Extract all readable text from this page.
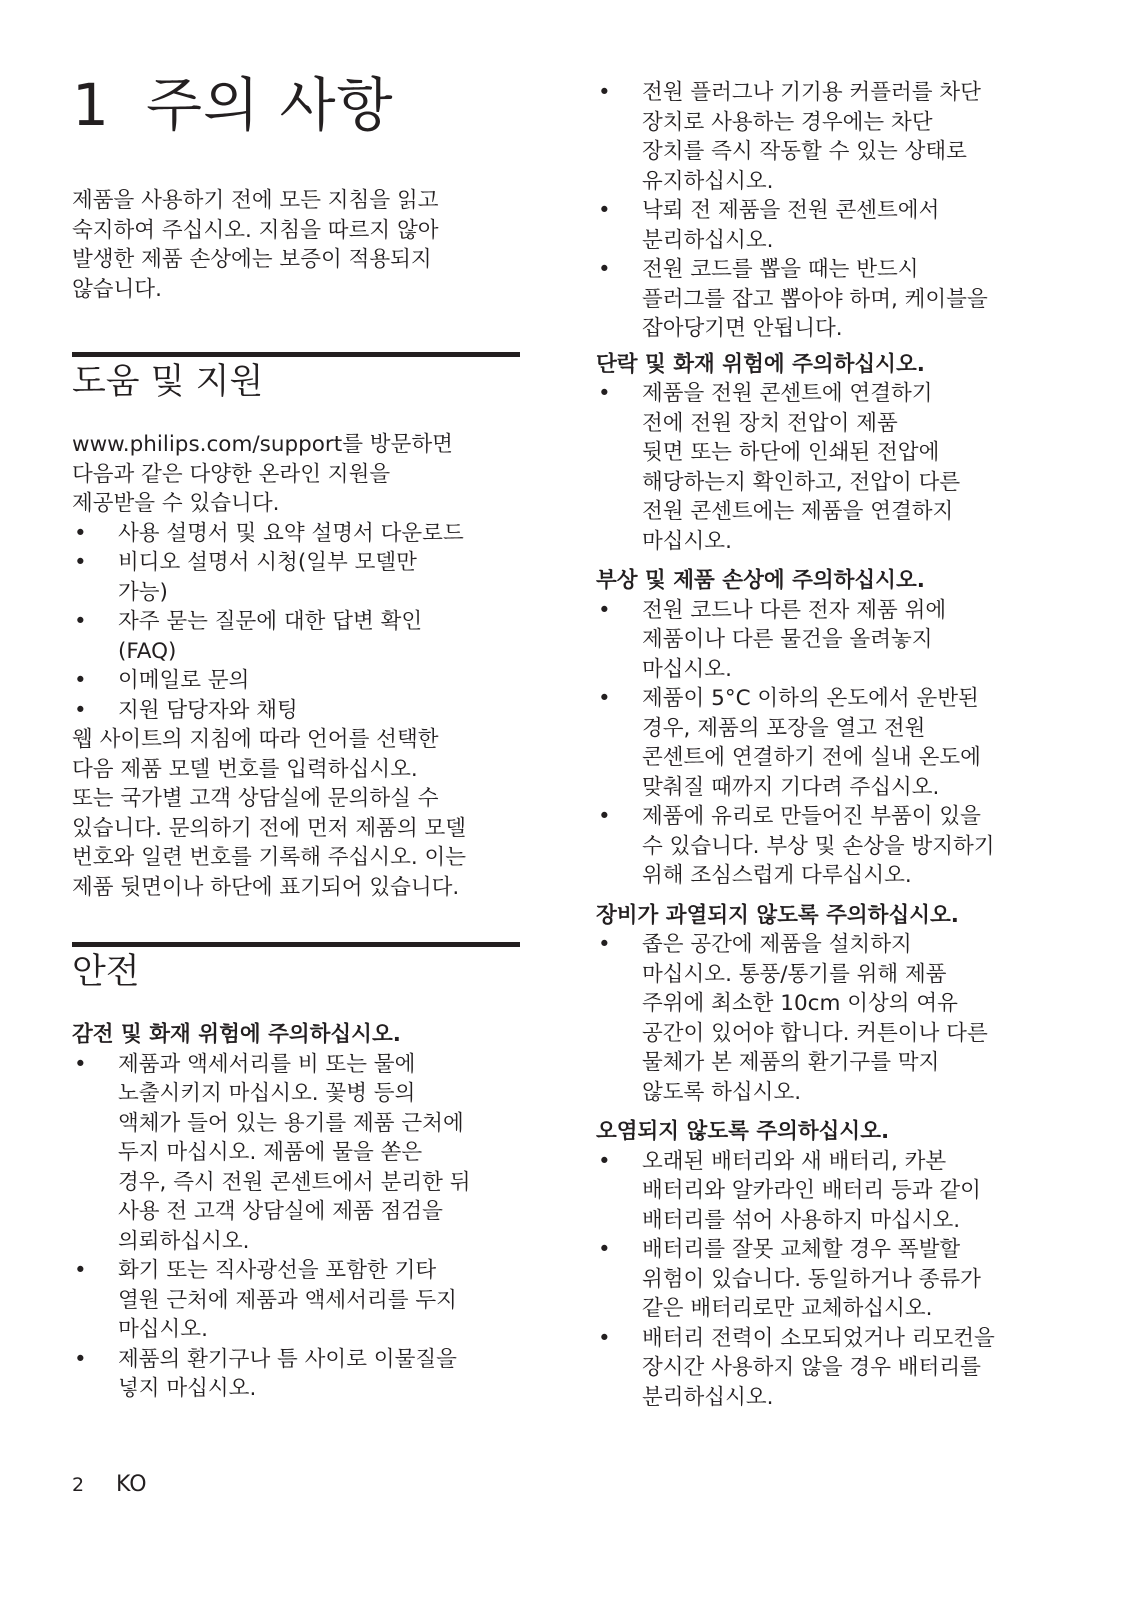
1 주의 사항

제품을 사용하기 전에 모든 지침을 읽고
숙지하여 주십시오. 지침을 따르지 않아
발생한 제품 손상에는 보증이 적용되지
않습니다.

도움 및 지원

www.philips.com/support를 방문하면
다음과 같은 다양한 온라인 지원을
제공받을 수 있습니다.

•	사용 설명서 및 요약 설명서 다운로드
•	비디오 설명서 시청(일부 모델만
가능)
•	자주 묻는 질문에 대한 답변 확인
(FAQ)
•	이메일로 문의
•	지원 담당자와 채팅

웹 사이트의 지침에 따라 언어를 선택한
다음 제품 모델 번호를 입력하십시오.
또는 국가별 고객 상담실에 문의하실 수
있습니다. 문의하기 전에 먼저 제품의 모델
번호와 일련 번호를 기록해 주십시오. 이는
제품 뒷면이나 하단에 표기되어 있습니다.

안전
감전 및 화재 위험에 주의하십시오.
•	제품과 액세서리를 비 또는 물에
노출시키지 마십시오. 꽃병 등의
액체가 들어 있는 용기를 제품 근처에
두지 마십시오. 제품에 물을 쏟은
경우, 즉시 전원 콘센트에서 분리한 뒤
사용 전 고객 상담실에 제품 점검을
의뢰하십시오.
•	화기 또는 직사광선을 포함한 기타
열원 근처에 제품과 액세서리를 두지
마십시오.
•	제품의 환기구나 틈 사이로 이물질을
넣지 마십시오.
•	전원 플러그나 기기용 커플러를 차단
장치로 사용하는 경우에는 차단
장치를 즉시 작동할 수 있는 상태로
유지하십시오.
•	낙뢰 전 제품을 전원 콘센트에서
분리하십시오.
•	전원 코드를 뽑을 때는 반드시
플러그를 잡고 뽑아야 하며, 케이블을
잡아당기면 안됩니다.
단락 및 화재 위험에 주의하십시오.
•	제품을 전원 콘센트에 연결하기
전에 전원 장치 전압이 제품
뒷면 또는 하단에 인쇄된 전압에
해당하는지 확인하고, 전압이 다른
전원 콘센트에는 제품을 연결하지
마십시오.
부상 및 제품 손상에 주의하십시오.
•	전원 코드나 다른 전자 제품 위에
제품이나 다른 물건을 올려놓지
마십시오.
•	제품이 5°C 이하의 온도에서 운반된
경우, 제품의 포장을 열고 전원
콘센트에 연결하기 전에 실내 온도에
맞춰질 때까지 기다려 주십시오.
•	제품에 유리로 만들어진 부품이 있을
수 있습니다. 부상 및 손상을 방지하기
위해 조심스럽게 다루십시오.
장비가 과열되지 않도록 주의하십시오.
•	좁은 공간에 제품을 설치하지
마십시오. 통풍/통기를 위해 제품
주위에 최소한 10cm 이상의 여유
공간이 있어야 합니다. 커튼이나 다른
물체가 본 제품의 환기구를 막지
않도록 하십시오.
오염되지 않도록 주의하십시오.
•	오래된 배터리와 새 배터리, 카본
배터리와 알카라인 배터리 등과 같이
배터리를 섞어 사용하지 마십시오.
•	배터리를 잘못 교체할 경우 폭발할
위험이 있습니다. 동일하거나 종류가
같은 배터리로만 교체하십시오.
•	배터리 전력이 소모되었거나 리모컨을
장시간 사용하지 않을 경우 배터리를
분리하십시오.
2 KO
